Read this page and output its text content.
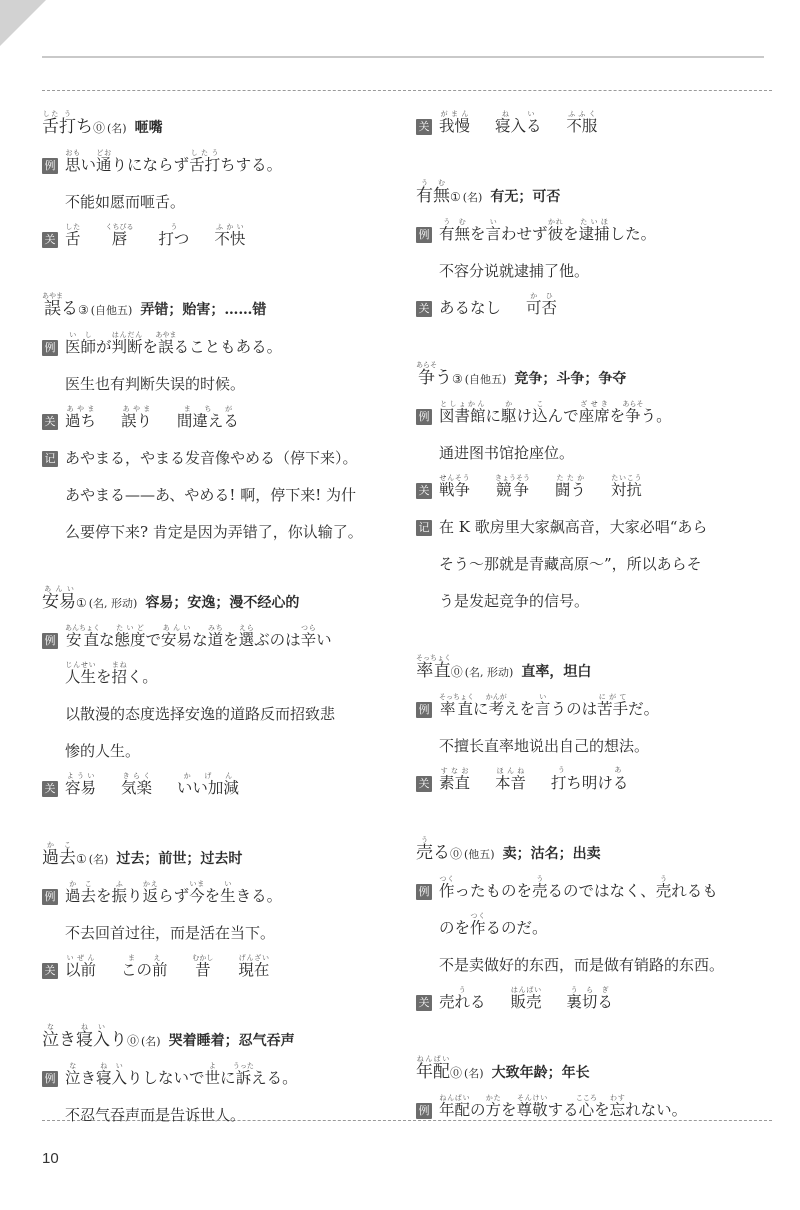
舌した打うち⓪ (名) 咂嘴
例 思おもい通どおりにならず舌打したうちする。
不能如愿而咂舌。
关 舌した 唇くちびる 打つう 不快ふかい
誤あやまる③ (自他五) 弄错；贻害；……错
例 医師いしが判断はんだんを誤あやまることもある。
医生也有判断失误的时候。
关 過ちあやま 誤りあやま 間違えるまちが
记 あやまる，やまる发音像やめる（停下来）。
あやまる——あ、やめる! 啊，停下来! 为什
么要停下来? 肯定是因为弄错了，你认输了。
安易あんい① (名, 形动) 容易；安逸；漫不经心的
例 安直あんちょくな態度たいどで安易あんいな道みちを選えらぶのは辛つらい
人生じんせいを招まねく。
以散漫的态度选择安逸的道路反而招致悲
惨的人生。
关 容易ようい 気楽きらく いい加減かげん
過去かこ① (名) 过去；前世；过去时
例 過去かこを振ふり返かえらず今いまを生いきる。
不去回首过往，而是活在当下。
关 以前いぜん この前まえ 昔むかし 現在げんざい
泣なき寝入ねいり⓪ (名) 哭着睡着；忍气吞声
例 泣なき寝入ねいりしないで世よに訴うったえる。
不忍气吞声而是告诉世人。
关 我慢がまん 寝入るねい 不服ふふく
有無うむ① (名) 有无；可否
例 有無うむを言いわせず彼かれを逮捕たいほした。
不容分说就逮捕了他。
关 あるなし 可否かひ
争あらそう③ (自他五) 竞争；斗争；争夺
例 図書館としょかんに駆かけ込こんで座席ざせきを争あらそう。
通进图书馆抢座位。
关 戦争せんそう 競争きょうそう 闘うたたか 対抗たいこう
记 在 K 歌房里大家飙高音，大家必唱“あら
そう～那就是青藏高原～”，所以あらそ
う是发起竞争的信号。
率直そっちょく⓪ (名, 形动) 直率，坦白
例 率直そっちょくに考かんがえを言いうのは苦手にがてだ。
不擅长直率地说出自己的想法。
关 素直すなお 本音ほんね 打ち明けるう あ
売うる⓪ (他五) 卖；沽名；出卖
例 作つくったものを売うるのではなく、売うれるも
のを作つくるのだ。
不是卖做好的东西，而是做有销路的东西。
关 売れるう 販売はんばい 裏切るうらぎ
年配ねんぱい⓪ (名) 大致年龄；年长
例 年配ねんぱいの方かたを尊敬そんけいする心こころを忘わすれない。
10
